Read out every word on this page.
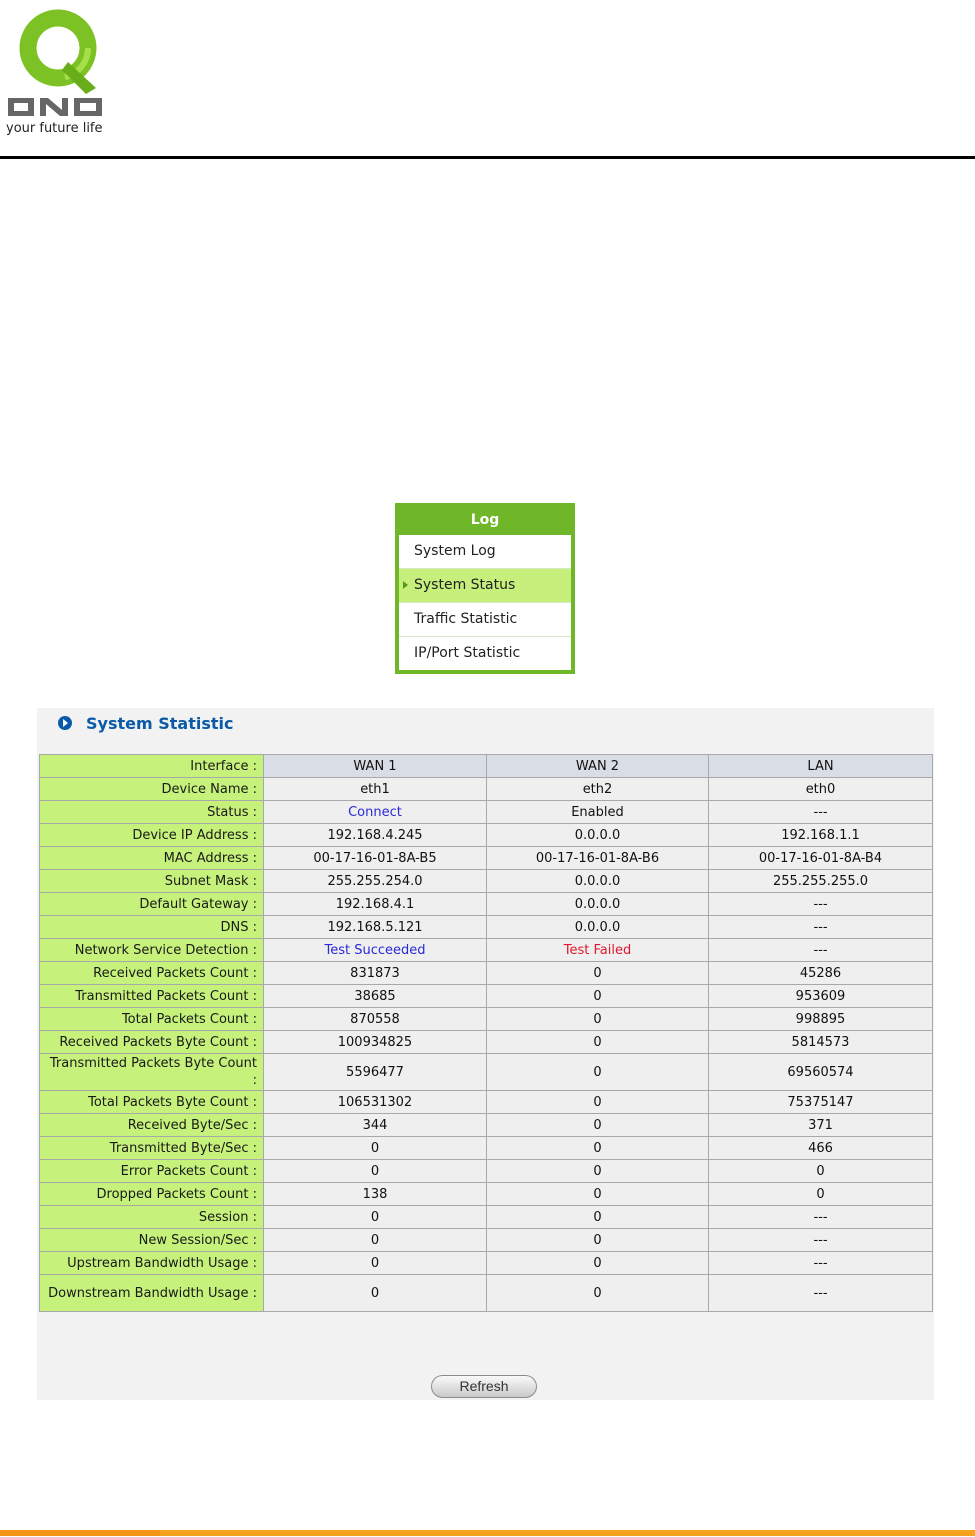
your future life
Log
System Log
System Status
Traffic Statistic
IP/Port Statistic
System Statistic
Interface :	WAN 1	WAN 2	LAN
Device Name :	eth1	eth2	eth0
Status :	Connect	Enabled	---
Device IP Address :	192.168.4.245	0.0.0.0	192.168.1.1
MAC Address :	00-17-16-01-8A-B5	00-17-16-01-8A-B6	00-17-16-01-8A-B4
Subnet Mask :	255.255.254.0	0.0.0.0	255.255.255.0
Default Gateway :	192.168.4.1	0.0.0.0	---
DNS :	192.168.5.121	0.0.0.0	---
Network Service Detection :	Test Succeeded	Test Failed	---
Received Packets Count :	831873	0	45286
Transmitted Packets Count :	38685	0	953609
Total Packets Count :	870558	0	998895
Received Packets Byte Count :	100934825	0	5814573
Transmitted Packets Byte Count :	5596477	0	69560574
Total Packets Byte Count :	106531302	0	75375147
Received Byte/Sec :	344	0	371
Transmitted Byte/Sec :	0	0	466
Error Packets Count :	0	0	0
Dropped Packets Count :	138	0	0
Session :	0	0	---
New Session/Sec :	0	0	---
Upstream Bandwidth Usage :	0	0	---
Downstream Bandwidth Usage :	0	0	---
Refresh
